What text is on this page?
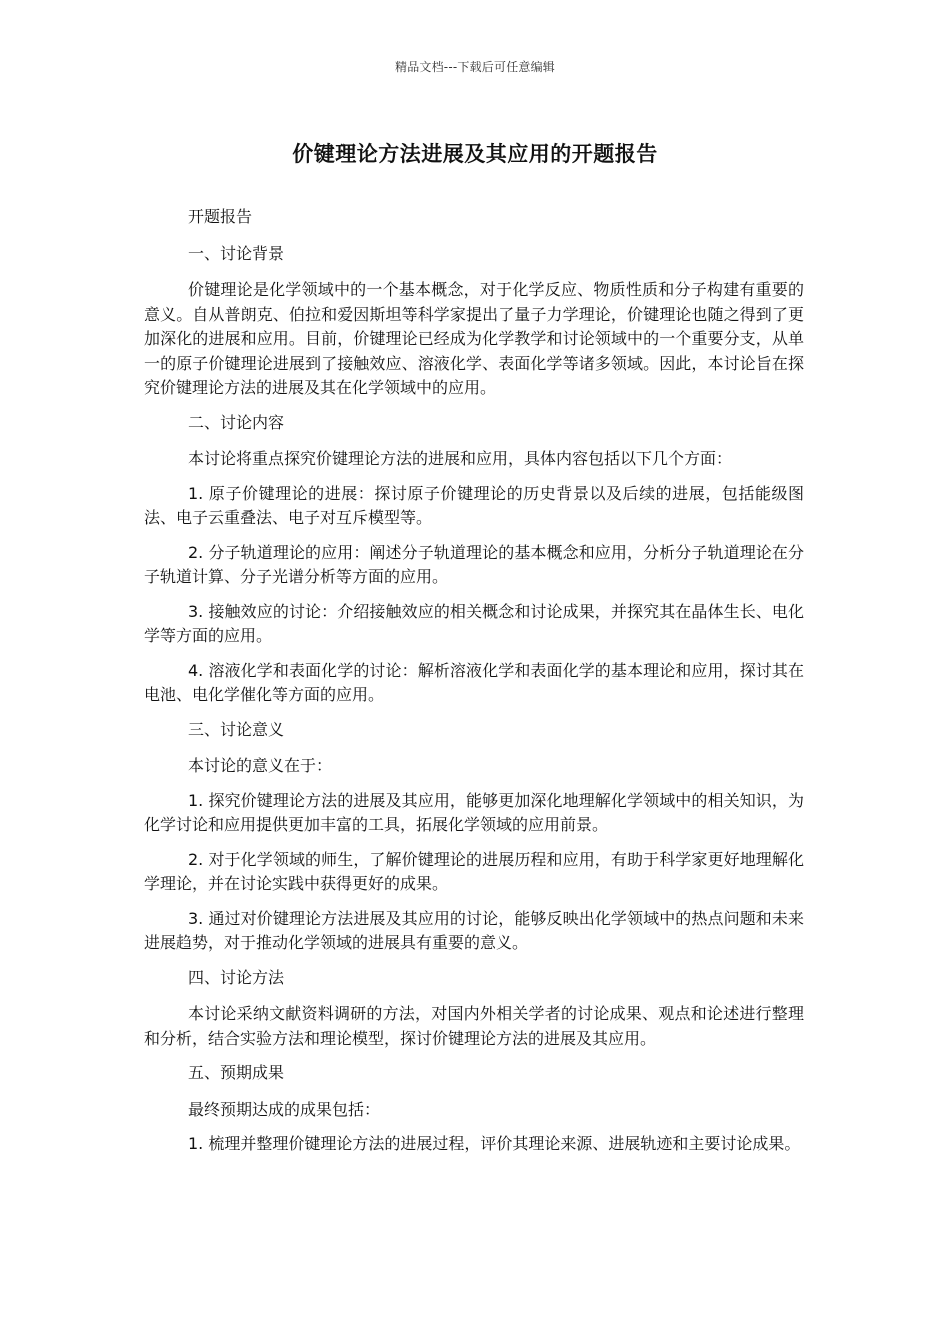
精品文档---下载后可任意编辑
价键理论方法进展及其应用的开题报告

开题报告

一、讨论背景

价键理论是化学领域中的一个基本概念，对于化学反应、物质性质和分子构建有重要的意义。自从普朗克、伯拉和爱因斯坦等科学家提出了量子力学理论，价键理论也随之得到了更加深化的进展和应用。目前，价键理论已经成为化学教学和讨论领域中的一个重要分支，从单一的原子价键理论进展到了接触效应、溶液化学、表面化学等诸多领域。因此，本讨论旨在探究价键理论方法的进展及其在化学领域中的应用。

二、讨论内容

本讨论将重点探究价键理论方法的进展和应用，具体内容包括以下几个方面：

1. 原子价键理论的进展：探讨原子价键理论的历史背景以及后续的进展，包括能级图法、电子云重叠法、电子对互斥模型等。

2. 分子轨道理论的应用：阐述分子轨道理论的基本概念和应用，分析分子轨道理论在分子轨道计算、分子光谱分析等方面的应用。

3. 接触效应的讨论：介绍接触效应的相关概念和讨论成果，并探究其在晶体生长、电化学等方面的应用。

4. 溶液化学和表面化学的讨论：解析溶液化学和表面化学的基本理论和应用，探讨其在电池、电化学催化等方面的应用。

三、讨论意义

本讨论的意义在于：

1. 探究价键理论方法的进展及其应用，能够更加深化地理解化学领域中的相关知识，为化学讨论和应用提供更加丰富的工具，拓展化学领域的应用前景。

2. 对于化学领域的师生，了解价键理论的进展历程和应用，有助于科学家更好地理解化学理论，并在讨论实践中获得更好的成果。

3. 通过对价键理论方法进展及其应用的讨论，能够反映出化学领域中的热点问题和未来进展趋势，对于推动化学领域的进展具有重要的意义。

四、讨论方法

本讨论采纳文献资料调研的方法，对国内外相关学者的讨论成果、观点和论述进行整理和分析，结合实验方法和理论模型，探讨价键理论方法的进展及其应用。

五、预期成果

最终预期达成的成果包括：

1. 梳理并整理价键理论方法的进展过程，评价其理论来源、进展轨迹和主要讨论成果。
